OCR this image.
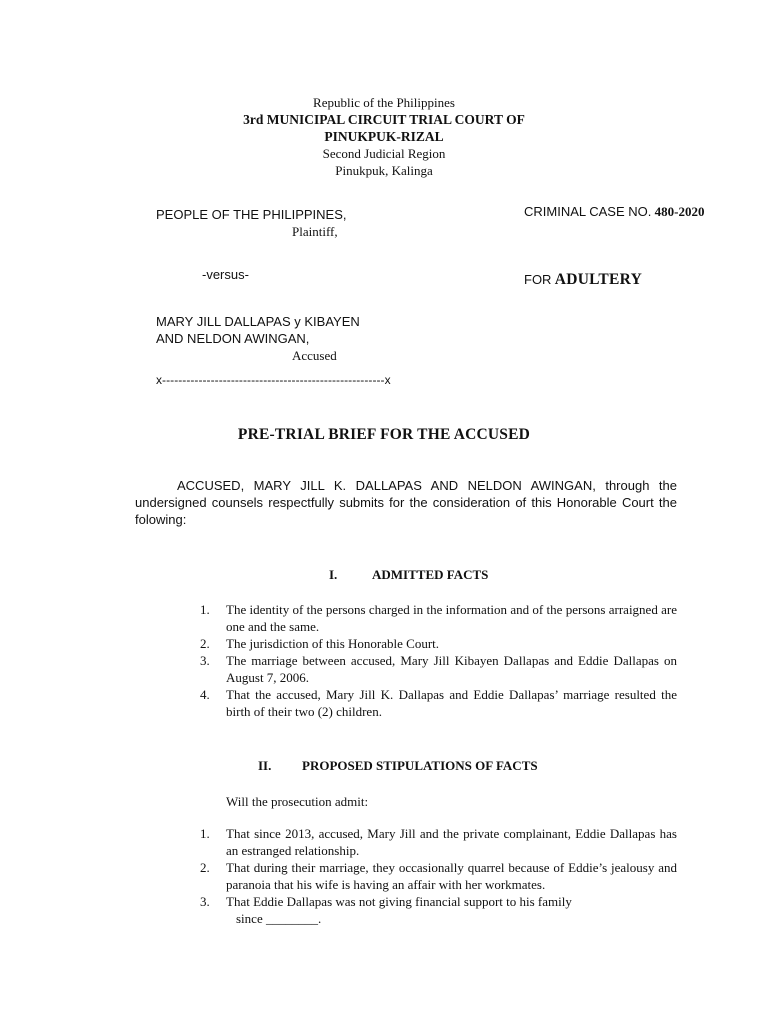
Republic of the Philippines
3rd MUNICIPAL CIRCUIT TRIAL COURT OF
PINUKPUK-RIZAL
Second Judicial Region
Pinukpuk, Kalinga
PEOPLE OF THE PHILIPPINES,
Plaintiff,
CRIMINAL CASE NO. 480-2020
-versus-	FOR ADULTERY
MARY JILL DALLAPAS y KIBAYEN
AND NELDON AWINGAN,
Accused
x-------------------------------------------------------x
PRE-TRIAL BRIEF FOR THE ACCUSED
ACCUSED, MARY JILL K. DALLAPAS AND NELDON AWINGAN, through the undersigned counsels respectfully submits for the consideration of this Honorable Court the folowing:
I.	ADMITTED FACTS
1. The identity of the persons charged in the information and of the persons arraigned are one and the same.
2. The jurisdiction of this Honorable Court.
3. The marriage between accused, Mary Jill Kibayen Dallapas and Eddie Dallapas on August 7, 2006.
4. That the accused, Mary Jill K. Dallapas and Eddie Dallapas’ marriage resulted the birth of their two (2) children.
II. PROPOSED STIPULATIONS OF FACTS
Will the prosecution admit:
1. That since 2013, accused, Mary Jill and the private complainant, Eddie Dallapas has an estranged relationship.
2. That during their marriage, they occasionally quarrel because of Eddie’s jealousy and paranoia that his wife is having an affair with her workmates.
3. That Eddie Dallapas was not giving financial support to his family
since ________.
